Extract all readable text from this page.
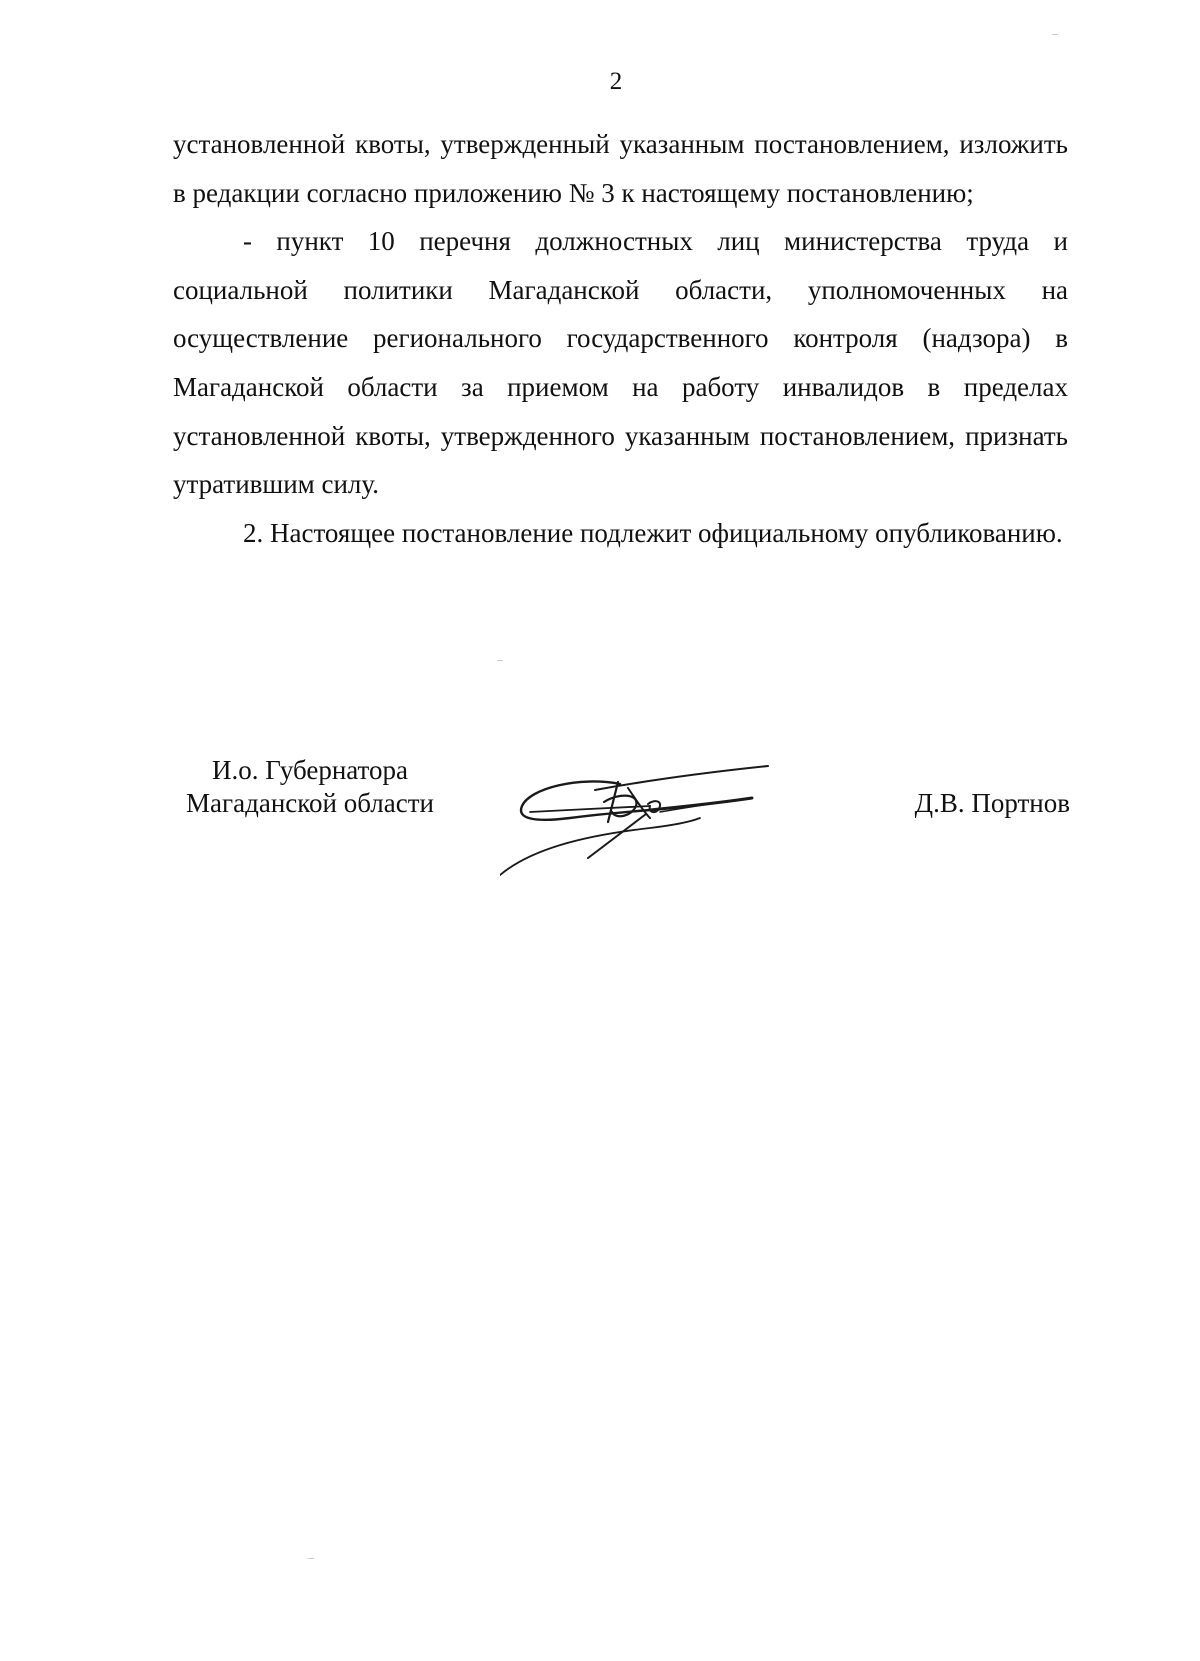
2

установленной квоты, утвержденный указанным постановлением, изложить в редакции согласно приложению № 3 к настоящему постановлению;

- пункт 10 перечня должностных лиц министерства труда и социальной политики Магаданской области, уполномоченных на осуществление регионального государственного контроля (надзора) в Магаданской области за приемом на работу инвалидов в пределах установленной квоты, утвержденного указанным постановлением, признать утратившим силу.

2. Настоящее постановление подлежит официальному опубликованию.

И.о. Губернатора
Магаданской области	Д.В. Портнов
